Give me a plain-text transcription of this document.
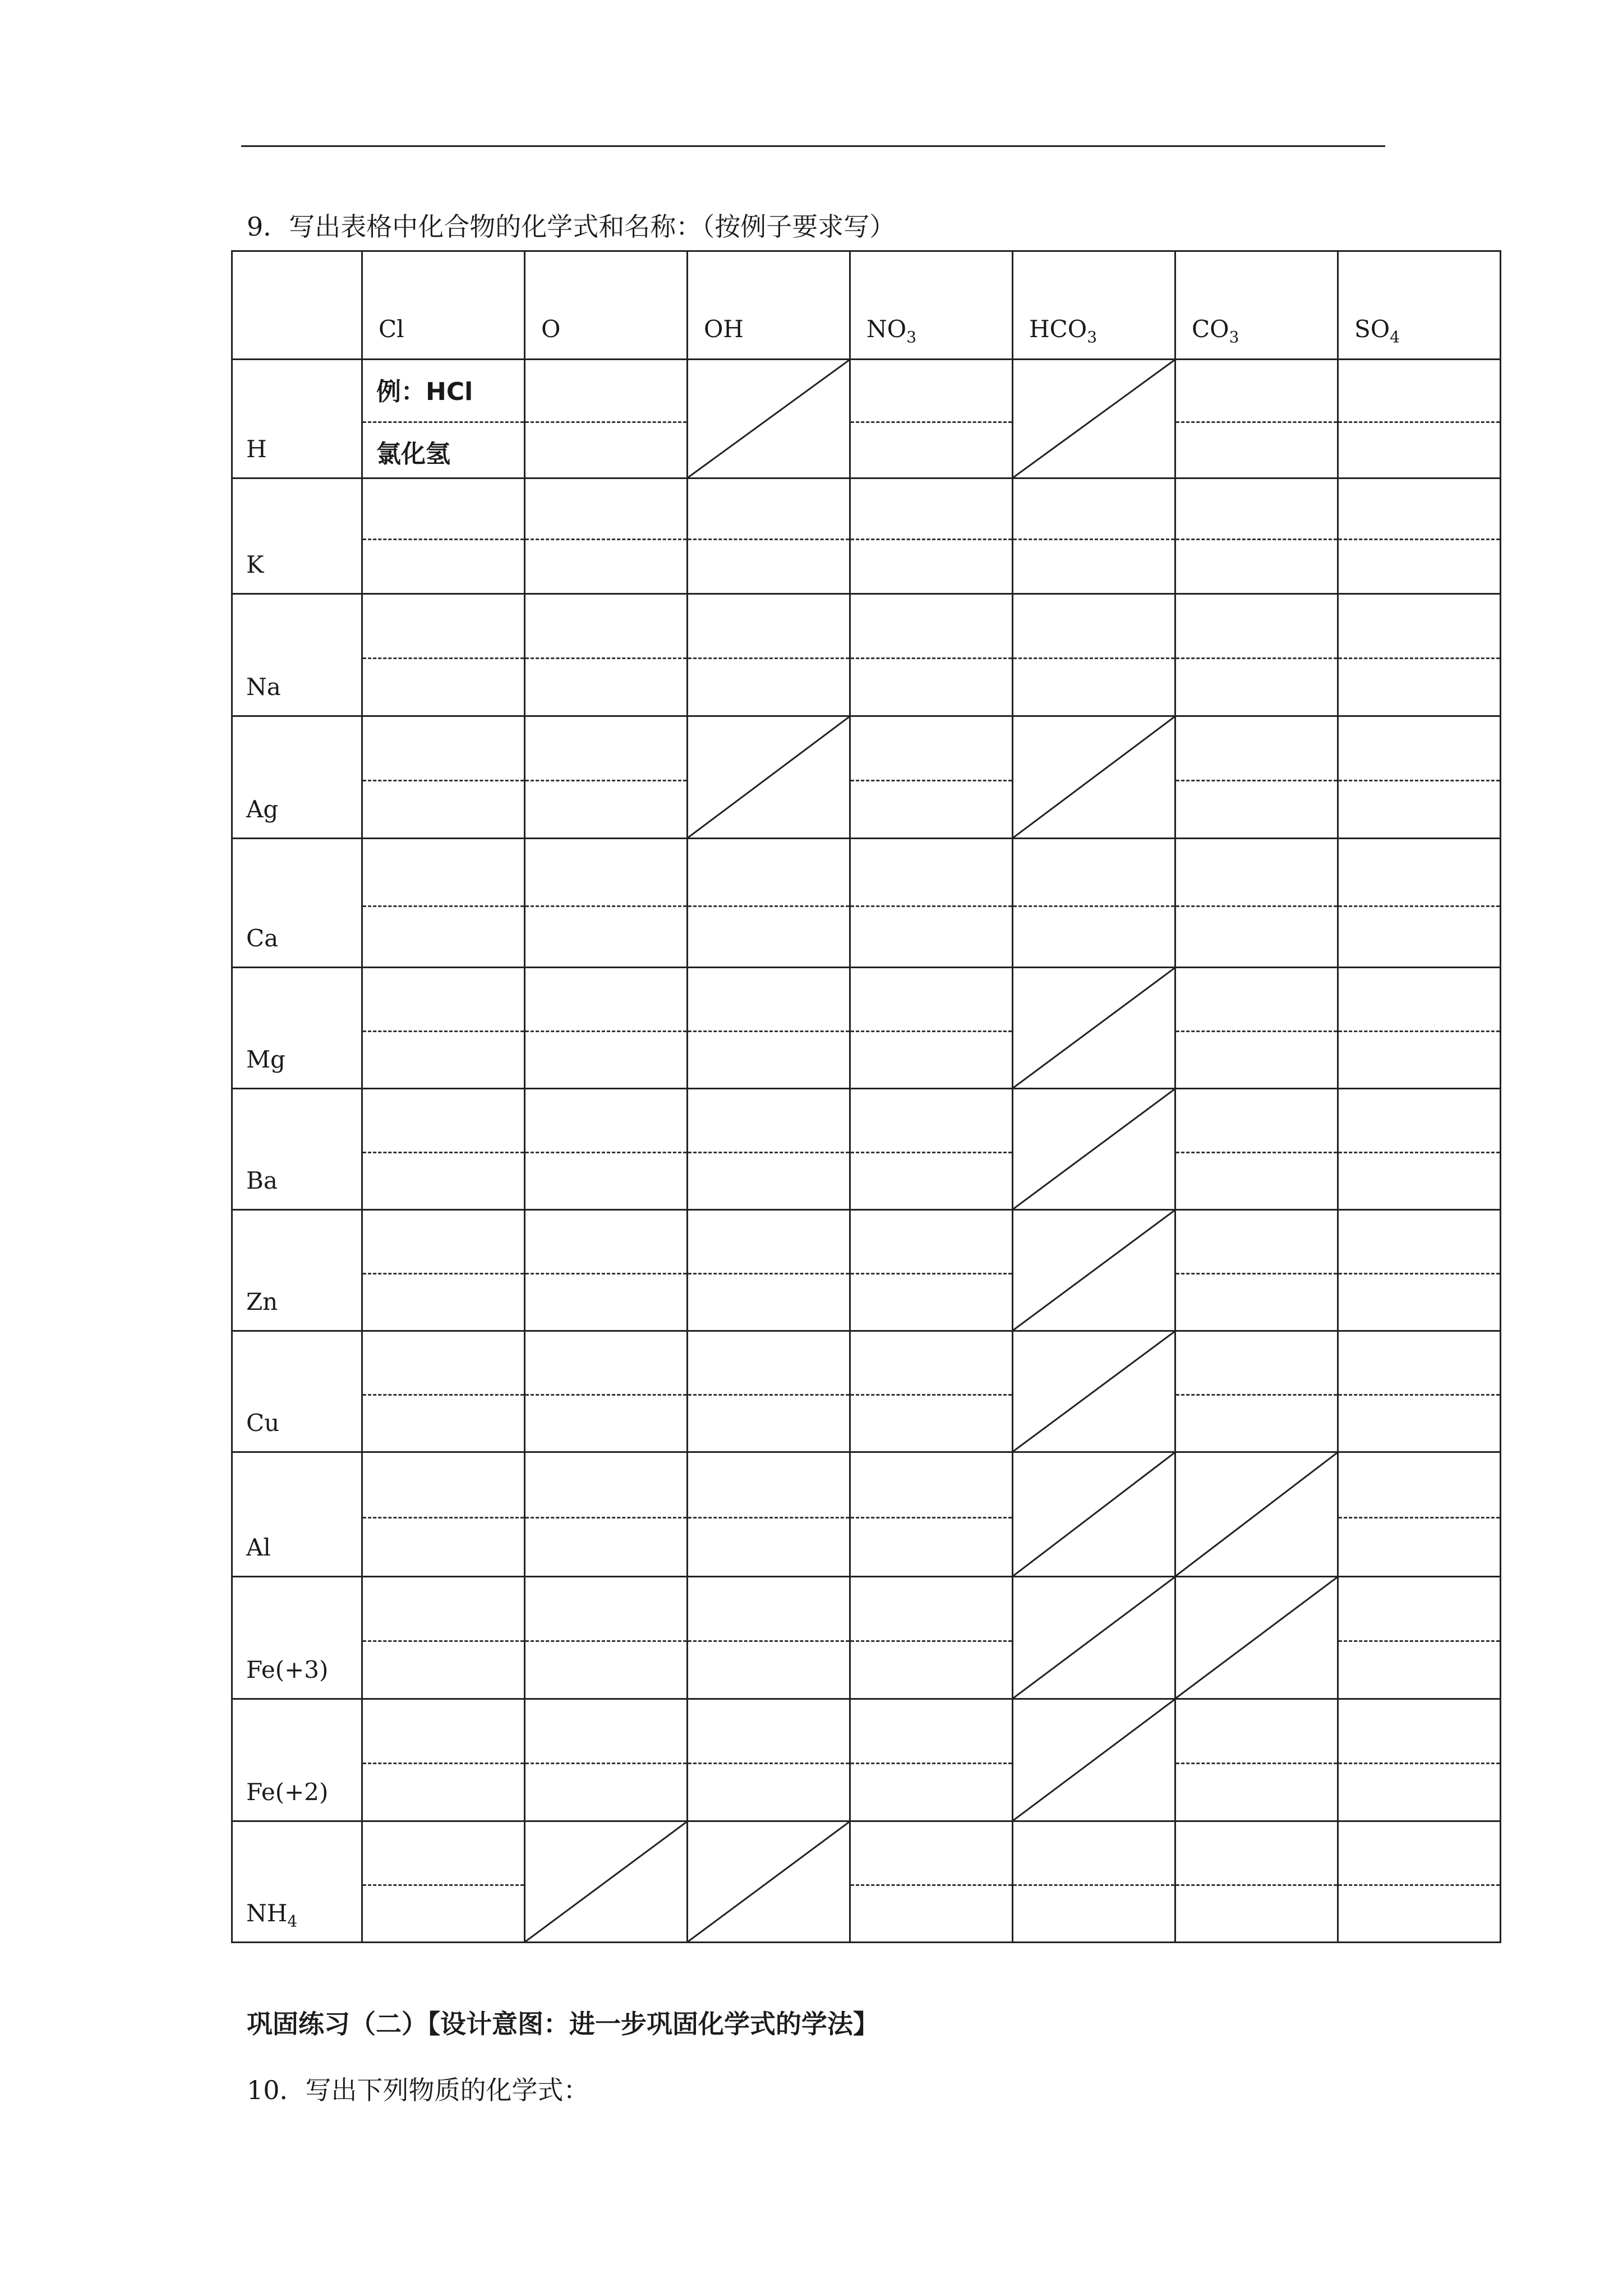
9．写出表格中化合物的化学式和名称：（按例子要求写）

	Cl	O	OH	$NO_3$	$HCO_3$	$CO_3$	$SO_4$

H	例：HCl
氯化氢

K							

Na							

Ag

Ca							

Mg

Ba

Zn

Cu

Al

Fe(+3)

Fe(+2)

$NH_4$

巩固练习（二）【设计意图：进一步巩固化学式的学法】
10．写出下列物质的化学式：
